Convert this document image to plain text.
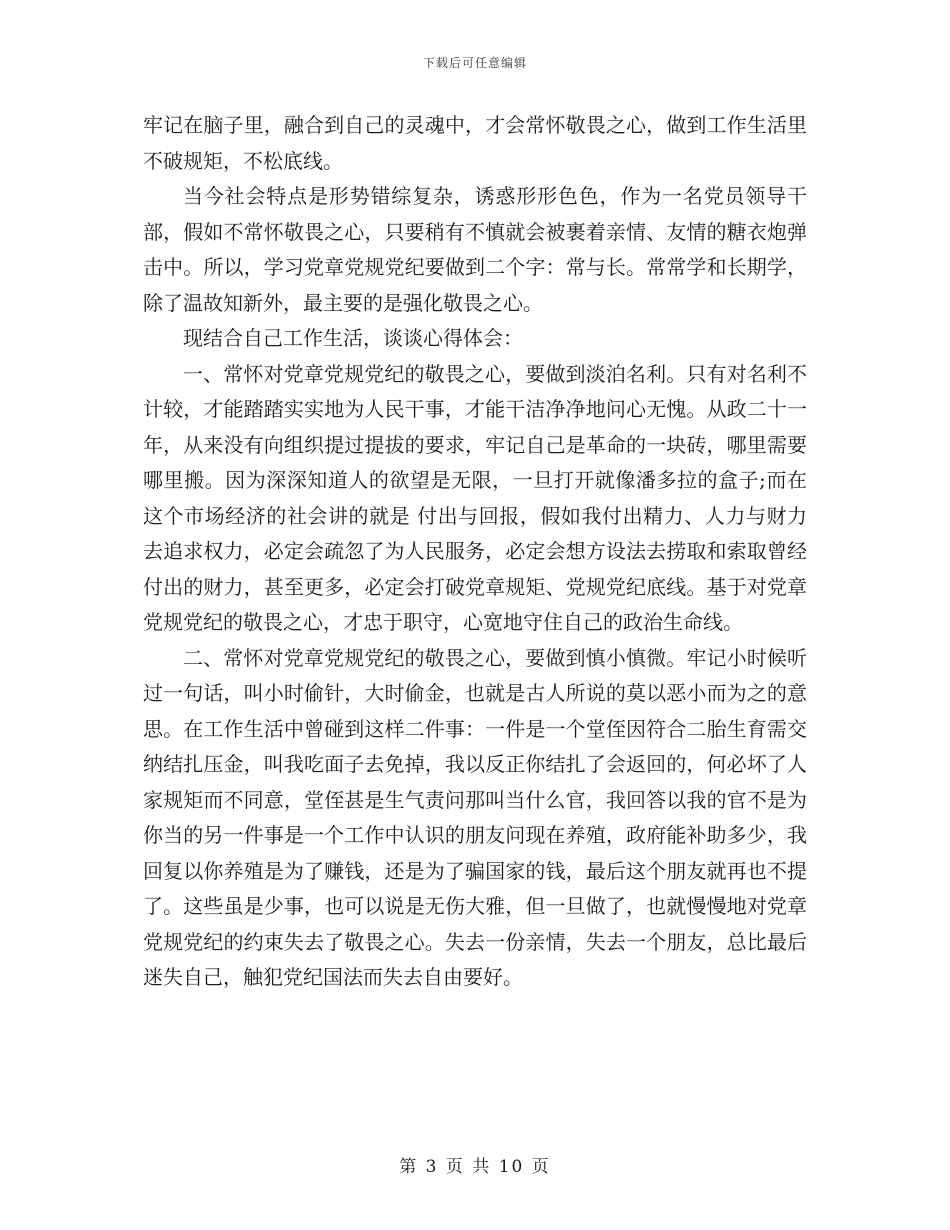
下载后可任意编辑

牢记在脑子里，融合到自己的灵魂中，才会常怀敬畏之心，做到工作生活里不破规矩，不松底线。

当今社会特点是形势错综复杂，诱惑形形色色，作为一名党员领导干部，假如不常怀敬畏之心，只要稍有不慎就会被裹着亲情、友情的糖衣炮弹击中。所以，学习党章党规党纪要做到二个字：常与长。常常学和长期学，除了温故知新外，最主要的是强化敬畏之心。

现结合自己工作生活，谈谈心得体会：

一、常怀对党章党规党纪的敬畏之心，要做到淡泊名利。只有对名利不计较，才能踏踏实实地为人民干事，才能干洁净净地问心无愧。从政二十一年，从来没有向组织提过提拔的要求，牢记自己是革命的一块砖，哪里需要哪里搬。因为深深知道人的欲望是无限，一旦打开就像潘多拉的盒子;而在这个市场经济的社会讲的就是 付出与回报，假如我付出精力、人力与财力去追求权力，必定会疏忽了为人民服务，必定会想方设法去捞取和索取曾经付出的财力，甚至更多，必定会打破党章规矩、党规党纪底线。基于对党章党规党纪的敬畏之心，才忠于职守，心宽地守住自己的政治生命线。

二、常怀对党章党规党纪的敬畏之心，要做到慎小慎微。牢记小时候听过一句话，叫小时偷针，大时偷金，也就是古人所说的莫以恶小而为之的意思。在工作生活中曾碰到这样二件事：一件是一个堂侄因符合二胎生育需交纳结扎压金，叫我吃面子去免掉，我以反正你结扎了会返回的，何必坏了人家规矩而不同意，堂侄甚是生气责问那叫当什么官，我回答以我的官不是为你当的另一件事是一个工作中认识的朋友问现在养殖，政府能补助多少，我回复以你养殖是为了赚钱，还是为了骗国家的钱，最后这个朋友就再也不提了。这些虽是少事，也可以说是无伤大雅，但一旦做了，也就慢慢地对党章党规党纪的约束失去了敬畏之心。失去一份亲情，失去一个朋友，总比最后迷失自己，触犯党纪国法而失去自由要好。

第 3 页 共 10 页
